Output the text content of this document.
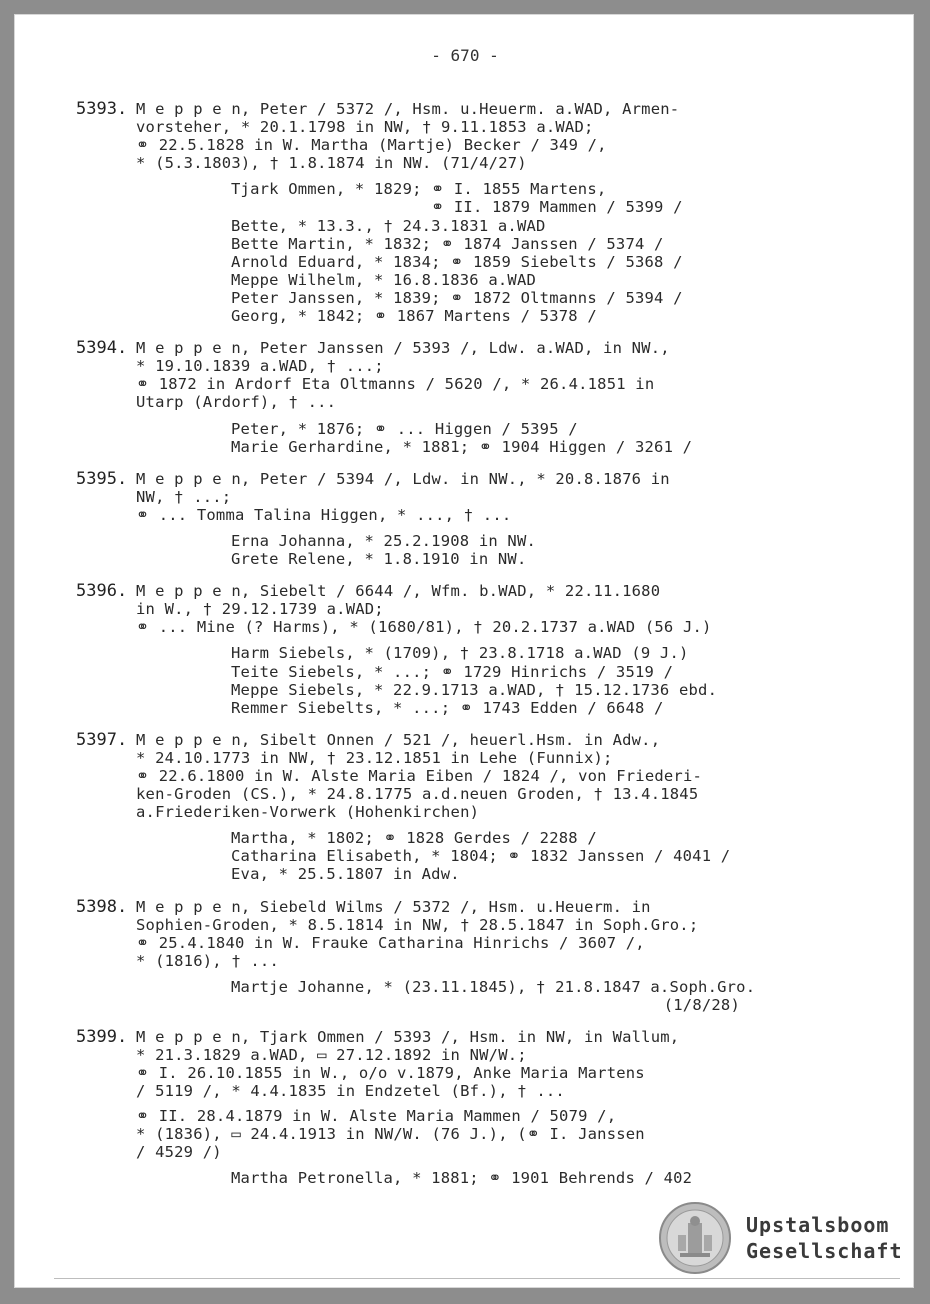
- 670 -
5393. M e p p e n, Peter / 5372 /, Hsm. u.Heuerm. a.WAD, Armen-
vorsteher, * 20.1.1798 in NW, † 9.11.1853 a.WAD;
⚭ 22.5.1828 in W. Martha (Martje) Becker / 349 /,
* (5.3.1803), † 1.8.1874 in NW. (71/4/27)
Tjark Ommen, * 1829; ⚭ I. 1855 Martens,
⚭ II. 1879 Mammen / 5399 /
Bette, * 13.3., † 24.3.1831 a.WAD
Bette Martin, * 1832; ⚭ 1874 Janssen / 5374 /
Arnold Eduard, * 1834; ⚭ 1859 Siebelts / 5368 /
Meppe Wilhelm, * 16.8.1836 a.WAD
Peter Janssen, * 1839; ⚭ 1872 Oltmanns / 5394 /
Georg, * 1842; ⚭ 1867 Martens / 5378 /
5394. M e p p e n, Peter Janssen / 5393 /, Ldw. a.WAD, in NW.,
* 19.10.1839 a.WAD, † ...;
⚭ 1872 in Ardorf Eta Oltmanns / 5620 /, * 26.4.1851 in
Utarp (Ardorf), † ...
Peter, * 1876; ⚭ ... Higgen / 5395 /
Marie Gerhardine, * 1881; ⚭ 1904 Higgen / 3261 /
5395. M e p p e n, Peter / 5394 /, Ldw. in NW., * 20.8.1876 in
NW, † ...;
⚭ ... Tomma Talina Higgen, * ..., † ...
Erna Johanna, * 25.2.1908 in NW.
Grete Relene, * 1.8.1910 in NW.
5396. M e p p e n, Siebelt / 6644 /, Wfm. b.WAD, * 22.11.1680
in W., † 29.12.1739 a.WAD;
⚭ ... Mine (? Harms), * (1680/81), † 20.2.1737 a.WAD (56 J.)
Harm Siebels, * (1709), † 23.8.1718 a.WAD (9 J.)
Teite Siebels, * ...; ⚭ 1729 Hinrichs / 3519 /
Meppe Siebels, * 22.9.1713 a.WAD, † 15.12.1736 ebd.
Remmer Siebelts, * ...; ⚭ 1743 Edden / 6648 /
5397. M e p p e n, Sibelt Onnen / 521 /, heuerl.Hsm. in Adw.,
* 24.10.1773 in NW, † 23.12.1851 in Lehe (Funnix);
⚭ 22.6.1800 in W. Alste Maria Eiben / 1824 /, von Friederi-
ken-Groden (CS.), * 24.8.1775 a.d.neuen Groden, † 13.4.1845
a.Friederiken-Vorwerk (Hohenkirchen)
Martha, * 1802; ⚭ 1828 Gerdes / 2288 /
Catharina Elisabeth, * 1804; ⚭ 1832 Janssen / 4041 /
Eva, * 25.5.1807 in Adw.
5398. M e p p e n, Siebeld Wilms / 5372 /, Hsm. u.Heuerm. in
Sophien-Groden, * 8.5.1814 in NW, † 28.5.1847 in Soph.Gro.;
⚭ 25.4.1840 in W. Frauke Catharina Hinrichs / 3607 /,
* (1816), † ...
Martje Johanne, * (23.11.1845), † 21.8.1847 a.Soph.Gro.
(1/8/28)
5399. M e p p e n, Tjark Ommen / 5393 /, Hsm. in NW, in Wallum,
* 21.3.1829 a.WAD, ▭ 27.12.1892 in NW/W.;
⚭ I. 26.10.1855 in W., o/o v.1879, Anke Maria Martens
/ 5119 /, * 4.4.1835 in Endzetel (Bf.), † ...
⚭ II. 28.4.1879 in W. Alste Maria Mammen / 5079 /,
* (1836), ▭ 24.4.1913 in NW/W. (76 J.), (⚭ I. Janssen
/ 4529 /)
Martha Petronella, * 1881; ⚭ 1901 Behrends / 402
Upstalsboom
Gesellschaft
